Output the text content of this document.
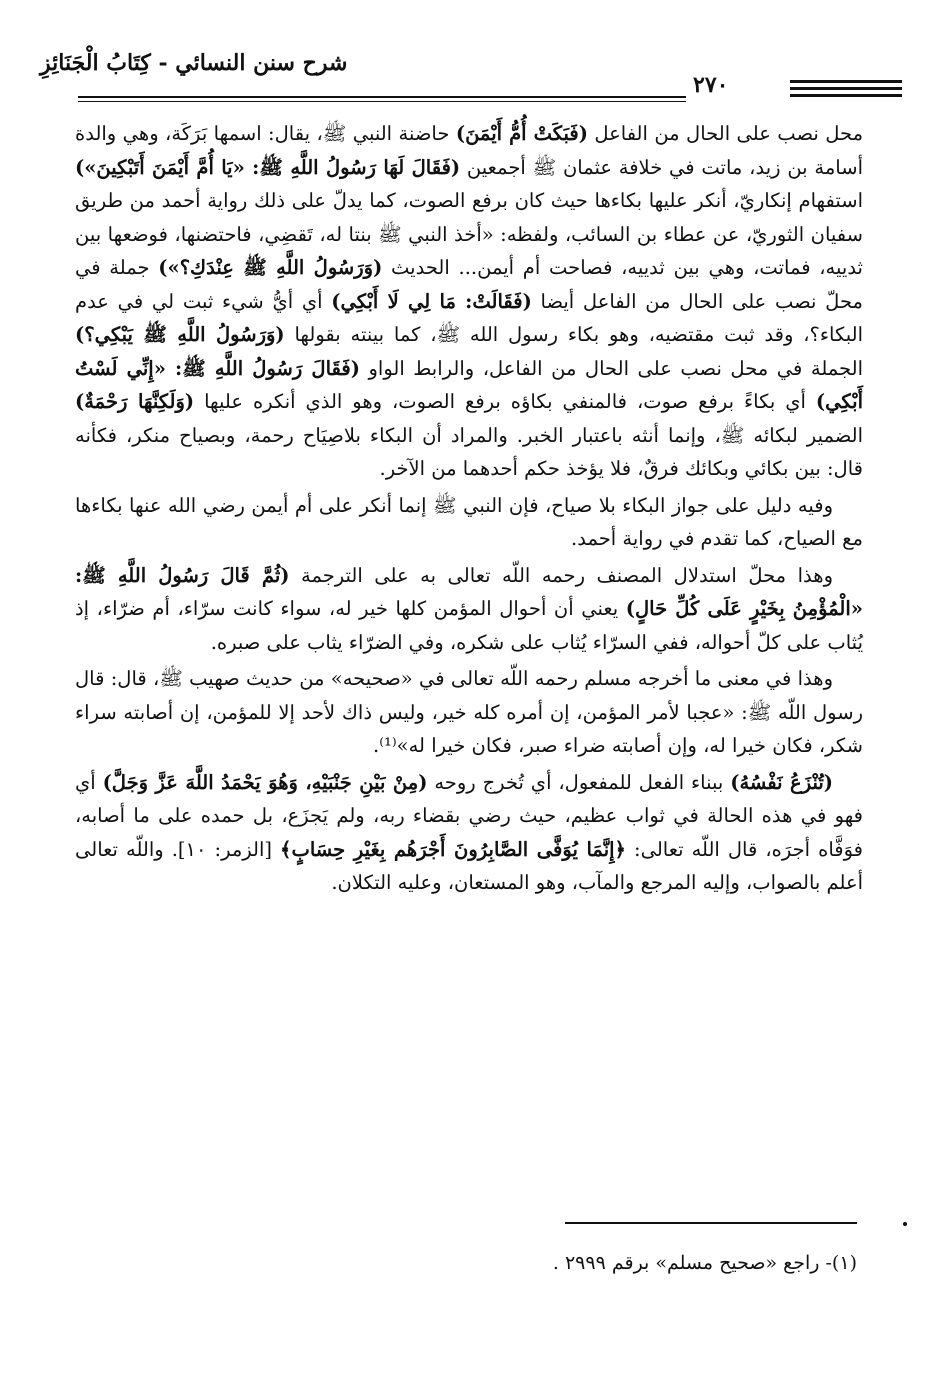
شرح سنن النسائي - كِتَابُ الْجَنَائِزِ
٢٧٠

محل نصب على الحال من الفاعل (فَبَكَتْ أُمُّ أَيْمَنَ) حاضنة النبي ﷺ، يقال: اسمها بَرَكَة، وهي والدة أسامة بن زيد، ماتت في خلافة عثمان ﷺ أجمعين (فَقَالَ لَهَا رَسُولُ اللَّهِ ﷺ: «يَا أُمَّ أَيْمَنَ أَتَبْكِينَ») استفهام إنكاريّ، أنكر عليها بكاءها حيث كان برفع الصوت، كما يدلّ على ذلك رواية أحمد من طريق سفيان الثوريّ، عن عطاء بن السائب، ولفظه: «أخذ النبي ﷺ بنتا له، تَقضِي، فاحتضنها، فوضعها بين ثدييه، فماتت، وهي بين ثدييه، فصاحت أم أيمن... الحديث (وَرَسُولُ اللَّهِ ﷺ عِنْدَكِ؟») جملة في محلّ نصب على الحال من الفاعل أيضا (فَقَالَتْ: مَا لِي لَا أَبْكِي) أي أيُّ شيء ثبت لي في عدم البكاء؟، وقد ثبت مقتضيه، وهو بكاء رسول الله ﷺ، كما بينته بقولها (وَرَسُولُ اللَّهِ ﷺ يَبْكِي؟) الجملة في محل نصب على الحال من الفاعل، والرابط الواو (فَقَالَ رَسُولُ اللَّهِ ﷺ: «إِنِّي لَسْتُ أَبْكِي) أي بكاءً برفع صوت، فالمنفي بكاؤه برفع الصوت، وهو الذي أنكره عليها (وَلَكِنَّهَا رَحْمَةٌ) الضمير لبكائه ﷺ، وإنما أنثه باعتبار الخبر. والمراد أن البكاء بلاصِيَاح رحمة، وبصياح منكر، فكأنه قال: بين بكائي وبكائك فرقٌ، فلا يؤخذ حكم أحدهما من الآخر.

وفيه دليل على جواز البكاء بلا صياح، فإن النبي ﷺ إنما أنكر على أم أيمن رضي الله عنها بكاءها مع الصياح، كما تقدم في رواية أحمد.

وهذا محلّ استدلال المصنف رحمه اللّه تعالى به على الترجمة (ثُمَّ قَالَ رَسُولُ اللَّهِ ﷺ: «الْمُؤْمِنُ بِخَيْرٍ عَلَى كُلِّ حَالٍ) يعني أن أحوال المؤمن كلها خير له، سواء كانت سرّاء، أم ضرّاء، إذ يُثاب على كلّ أحواله، ففي السرّاء يُثاب على شكره، وفي الضرّاء يثاب على صبره.

وهذا في معنى ما أخرجه مسلم رحمه اللّه تعالى في «صحيحه» من حديث صهيب ﷺ، قال: قال رسول اللّه ﷺ: «عجبا لأمر المؤمن، إن أمره كله خير، وليس ذاك لأحد إلا للمؤمن، إن أصابته سراء شكر، فكان خيرا له، وإن أصابته ضراء صبر، فكان خيرا له»⁽¹⁾.

(تُنْزَعُ نَفْسُهُ) ببناء الفعل للمفعول، أي تُخرج روحه (مِنْ بَيْنِ جَنْبَيْهِ، وَهُوَ يَحْمَدُ اللَّهَ عَزَّ وَجَلَّ) أي فهو في هذه الحالة في ثواب عظيم، حيث رضي بقضاء ربه، ولم يَجزَع، بل حمده على ما أصابه، فوَفَّاه أجرَه، قال اللّه تعالى: ﴿إِنَّمَا يُوَفَّى الصَّابِرُونَ أَجْرَهُم بِغَيْرِ حِسَابٍ﴾ [الزمر: ١٠]. واللّه تعالى أعلم بالصواب، وإليه المرجع والمآب، وهو المستعان، وعليه التكلان.

(١)- راجع «صحيح مسلم» برقم ٢٩٩٩ .
